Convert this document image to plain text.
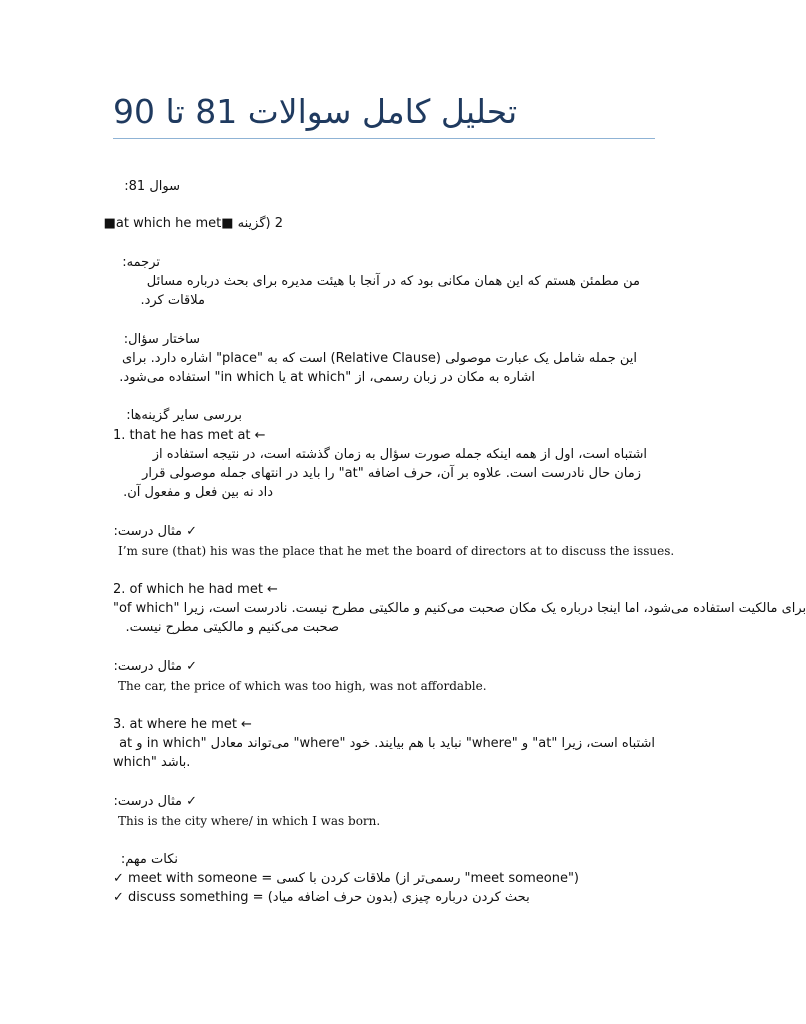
تحلیل کامل سوالات 81 تا 90
سوال 81:
2 (گزینه ■at which he met■
ترجمه:
من مطمئن هستم که این همان مکانی بود که در آنجا با هیئت مدیره برای بحث درباره مسائل
ملاقات کرد.
ساختار سؤال:
این جمله شامل یک عبارت موصولی (Relative Clause) است که به "place" اشاره دارد. برای
اشاره به مکان در زبان رسمی، از "at which یا in which" استفاده می‌شود.
بررسی سایر گزینه‌ها:
1. that he has met at ←
اشتباه است، اول از همه اینکه جمله صورت سؤال به زمان گذشته است، در نتیجه استفاده از
زمان حال نادرست است. علاوه بر آن، حرف اضافه "at" را باید در انتهای جمله موصولی قرار
داد نه بین فعل و مفعول آن.
✓ مثال درست:
I’m sure (that) his was the place that he met the board of directors at to discuss the issues.
2. of which he had met ←
"of which" برای مالکیت استفاده می‌شود، اما اینجا درباره یک مکان صحبت می‌کنیم و مالکیتی مطرح نیست. نادرست است، زیرا
صحبت می‌کنیم و مالکیتی مطرح نیست.
✓ مثال درست:
The car, the price of which was too high, was not affordable.
3. at where he met ←
اشتباه است، زیرا "at" و "where" نباید با هم بیایند. خود "where" می‌تواند معادل "in which و at
which" باشد.
✓ مثال درست:
This is the city where/ in which I was born.
نکات مهم:
✓ meet with someone = ملاقات کردن با کسی (رسمی‌تر از "meet someone")
✓ discuss something = بحث کردن درباره چیزی (بدون حرف اضافه میاد)
